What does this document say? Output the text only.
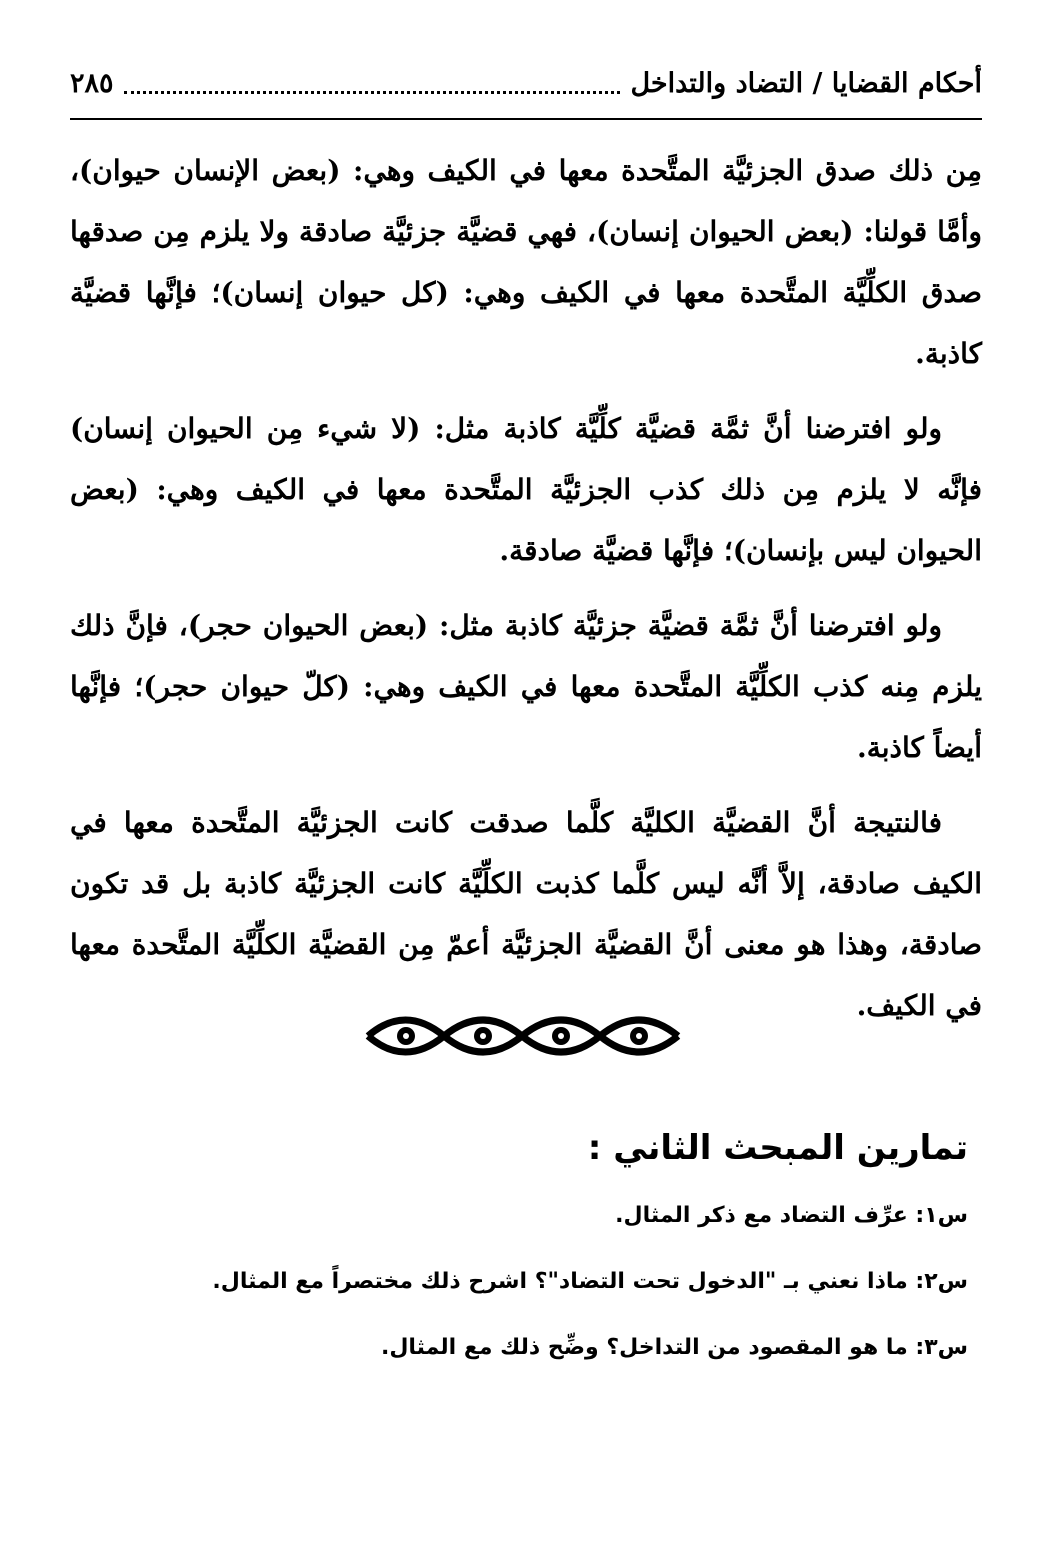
أحكام القضايا / التضاد والتداخل
٢٨٥

مِن ذلك صدق الجزئيَّة المتَّحدة معها في الكيف وهي: (بعض الإنسان حيوان)، وأمَّا قولنا: (بعض الحيوان إنسان)، فهي قضيَّة جزئيَّة صادقة ولا يلزم مِن صدقها صدق الكلِّيَّة المتَّحدة معها في الكيف وهي: (كل حيوان إنسان)؛ فإنَّها قضيَّة كاذبة.

ولو افترضنا أنَّ ثمَّة قضيَّة كلِّيَّة كاذبة مثل: (لا شيء مِن الحيوان إنسان) فإنَّه لا يلزم مِن ذلك كذب الجزئيَّة المتَّحدة معها في الكيف وهي: (بعض الحيوان ليس بإنسان)؛ فإنَّها قضيَّة صادقة.

ولو افترضنا أنَّ ثمَّة قضيَّة جزئيَّة كاذبة مثل: (بعض الحيوان حجر)، فإنَّ ذلك يلزم مِنه كذب الكلِّيَّة المتَّحدة معها في الكيف وهي: (كلّ حيوان حجر)؛ فإنَّها أيضاً كاذبة.

فالنتيجة أنَّ القضيَّة الكليَّة كلَّما صدقت كانت الجزئيَّة المتَّحدة معها في الكيف صادقة، إلاَّ أنَّه ليس كلَّما كذبت الكلِّيَّة كانت الجزئيَّة كاذبة بل قد تكون صادقة، وهذا هو معنى أنَّ القضيَّة الجزئيَّة أعمّ مِن القضيَّة الكلِّيَّة المتَّحدة معها في الكيف.

تمارين المبحث الثاني :

س١: عرِّف التضاد مع ذكر المثال.

س٢: ماذا نعني بـ "الدخول تحت التضاد"؟ اشرح ذلك مختصراً مع المثال.

س٣: ما هو المقصود من التداخل؟ وضِّح ذلك مع المثال.
